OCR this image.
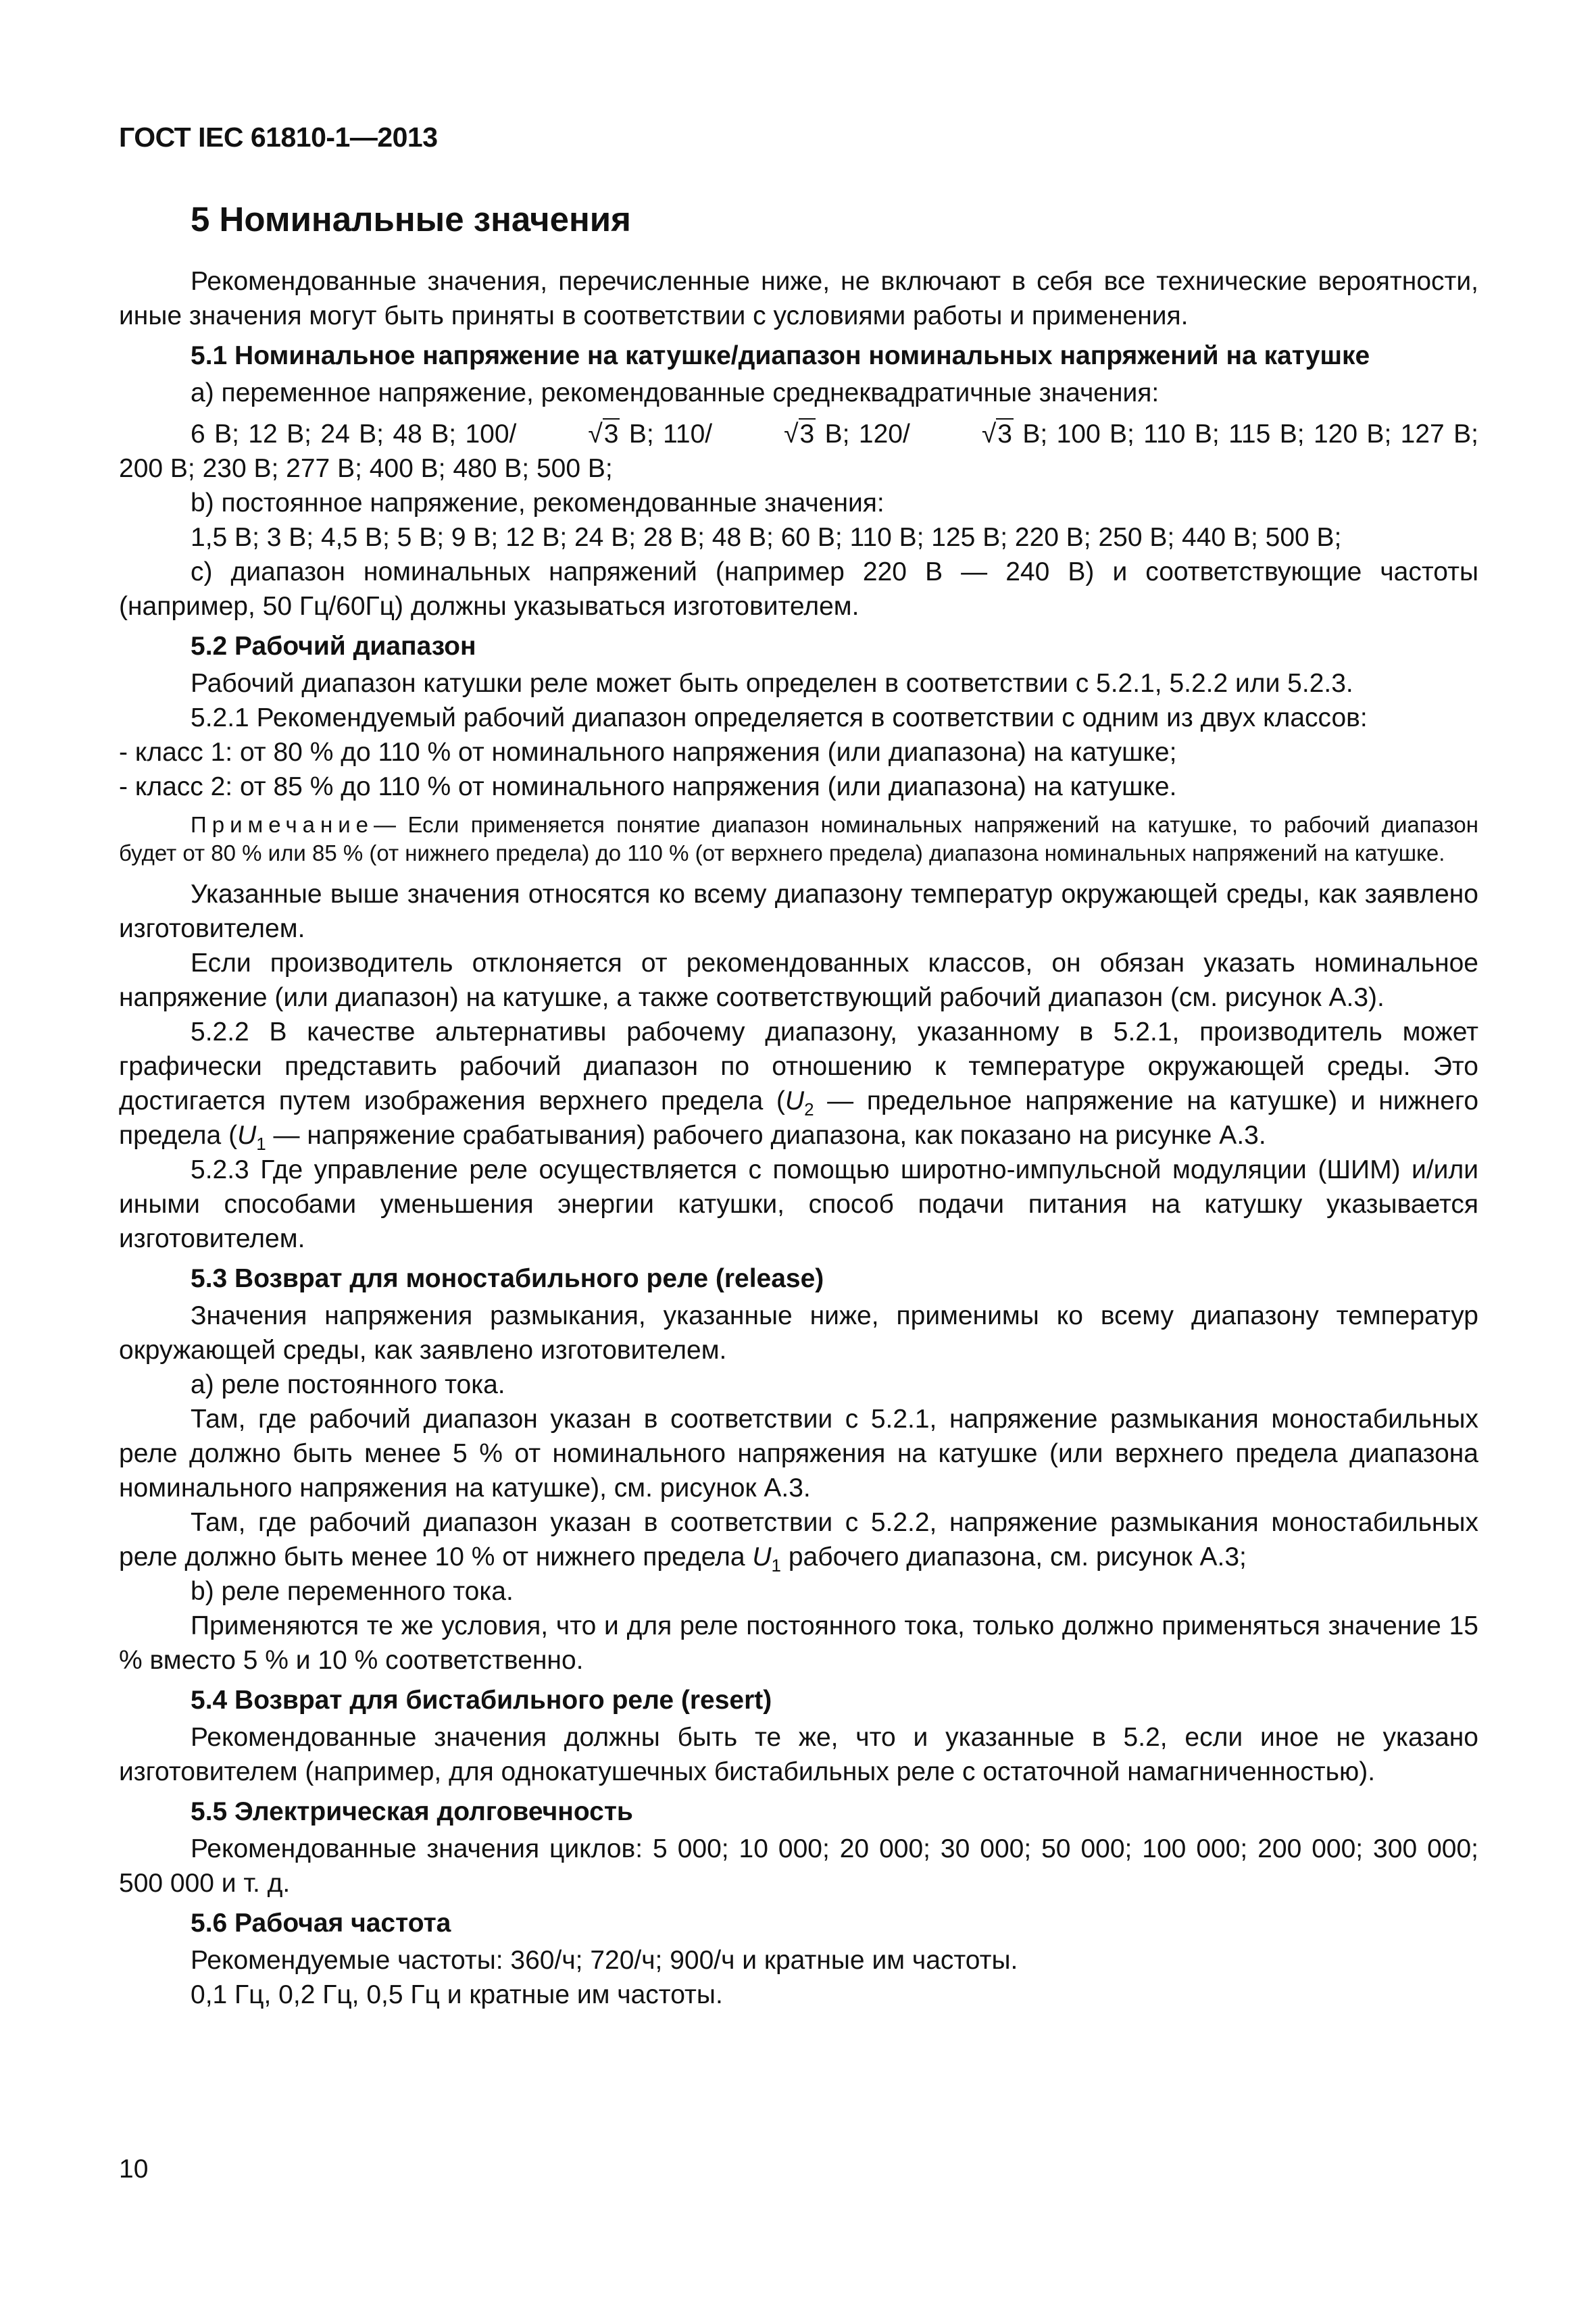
ГОСТ IEC 61810-1—2013
5 Номинальные значения

Рекомендованные значения, перечисленные ниже, не включают в себя все технические вероятности, иные значения могут быть приняты в соответствии с условиями работы и применения.

5.1 Номинальное напряжение на катушке/диапазон номинальных напряжений на катушке

а) переменное напряжение, рекомендованные среднеквадратичные значения:

6 В; 12 В; 24 В; 48 В; 100/	√3 В; 110/	√3 В; 120/	√3 В; 100 В; 110 В; 115 В; 120 В; 127 В; 200 В; 230 В; 277 В; 400 В; 480 В; 500 В;

b) постоянное напряжение, рекомендованные значения:

1,5 В; 3 В; 4,5 В; 5 В; 9 В; 12 В; 24 В; 28 В; 48 В; 60 В; 110 В; 125 В; 220 В; 250 В; 440 В; 500 В;

с) диапазон номинальных напряжений (например 220 В — 240 В) и соответствующие частоты (например, 50 Гц/60Гц) должны указываться изготовителем.

5.2 Рабочий диапазон

Рабочий диапазон катушки реле может быть определен в соответствии с 5.2.1, 5.2.2 или 5.2.3.

5.2.1 Рекомендуемый рабочий диапазон определяется в соответствии с одним из двух классов:

- класс 1: от 80 % до 110 % от номинального напряжения (или диапазона) на катушке;

- класс 2: от 85 % до 110 % от номинального напряжения (или диапазона) на катушке.

Примечание— Если применяется понятие диапазон номинальных напряжений на катушке, то рабочий диапазон будет от 80 % или 85 % (от нижнего предела) до 110 % (от верхнего предела) диапазона номинальных напряжений на катушке.

Указанные выше значения относятся ко всему диапазону температур окружающей среды, как заявлено изготовителем.

Если производитель отклоняется от рекомендованных классов, он обязан указать номинальное напряжение (или диапазон) на катушке, а также соответствующий рабочий диапазон (см. рисунок А.3).

5.2.2 В качестве альтернативы рабочему диапазону, указанному в 5.2.1, производитель может графически представить рабочий диапазон по отношению к температуре окружающей среды. Это достигается путем изображения верхнего предела ($U_2$ — предельное напряжение на катушке) и нижнего предела ($U_1$ — напряжение срабатывания) рабочего диапазона, как показано на рисунке А.3.

5.2.3 Где управление реле осуществляется с помощью широтно-импульсной модуляции (ШИМ) и/или иными способами уменьшения энергии катушки, способ подачи питания на катушку указывается изготовителем.

5.3 Возврат для моностабильного реле (release)

Значения напряжения размыкания, указанные ниже, применимы ко всему диапазону температур окружающей среды, как заявлено изготовителем.

а) реле постоянного тока.

Там, где рабочий диапазон указан в соответствии с 5.2.1, напряжение размыкания моностабильных реле должно быть менее 5 % от номинального напряжения на катушке (или верхнего предела диапазона номинального напряжения на катушке), см. рисунок А.3.

Там, где рабочий диапазон указан в соответствии с 5.2.2, напряжение размыкания моностабильных реле должно быть менее 10 % от нижнего предела $U_1$ рабочего диапазона, см. рисунок А.3;

b) реле переменного тока.

Применяются те же условия, что и для реле постоянного тока, только должно применяться значение 15 % вместо 5 % и 10 % соответственно.

5.4 Возврат для бистабильного реле (resert)

Рекомендованные значения должны быть те же, что и указанные в 5.2, если иное не указано изготовителем (например, для однокатушечных бистабильных реле с остаточной намагниченностью).

5.5 Электрическая долговечность

Рекомендованные значения циклов: 5 000; 10 000; 20 000; 30 000; 50 000; 100 000; 200 000; 300 000; 500 000 и т. д.

5.6 Рабочая частота

Рекомендуемые частоты: 360/ч; 720/ч; 900/ч и кратные им частоты.

0,1 Гц, 0,2 Гц, 0,5 Гц и кратные им частоты.

10
